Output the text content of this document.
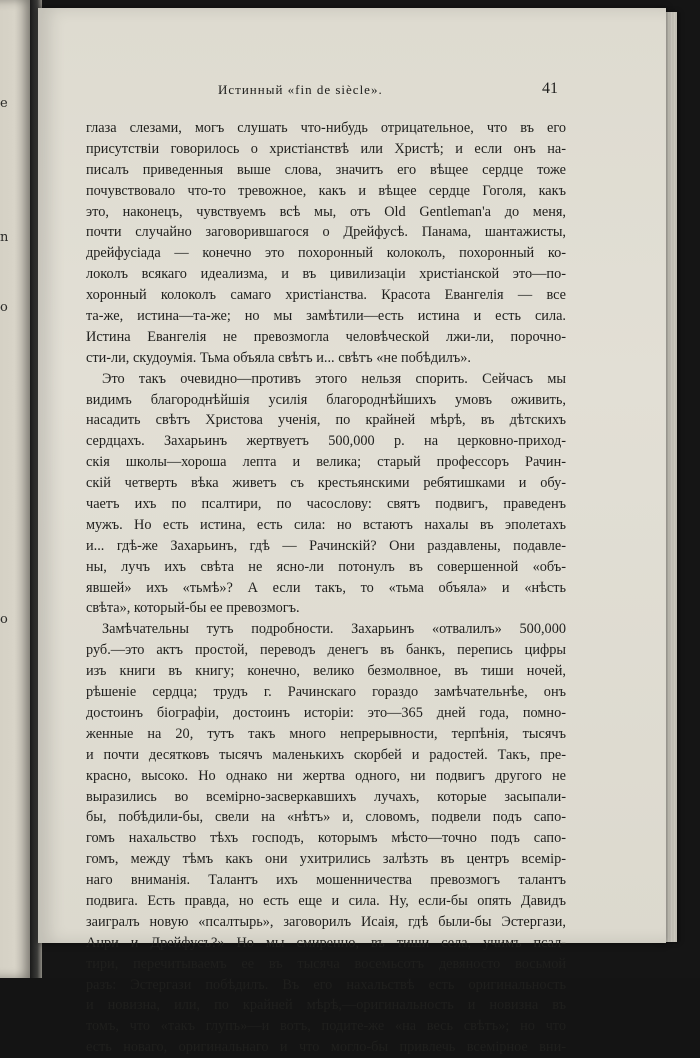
e
n
o
o
Истинный «fin de siècle».	41
глаза слезами, могъ слушать что-нибудь отрицательное, что въ его
присутствіи говорилось о христіанствѣ или Христѣ; и если онъ на-
писалъ приведенныя выше слова, значитъ его вѣщее сердце тоже
почувствовало что-то тревожное, какъ и вѣщее сердце Гоголя, какъ
это, наконецъ, чувствуемъ всѣ мы, отъ Old Gentleman'а до меня,
почти случайно заговорившагося о Дрейфусѣ. Панама, шантажисты,
дрейфусіада — конечно это похоронный колоколъ, похоронный ко-
локолъ всякаго идеализма, и въ цивилизаціи христіанской это—по-
хоронный колоколъ самаго христіанства. Красота Евангелія — все
та-же, истина—та-же; но мы замѣтили—есть истина и есть сила.
Истина Евангелія не превозмогла человѣческой лжи-ли, порочно-
сти-ли, скудоумія. Тьма объяла свѣтъ и... свѣтъ «не побѣдилъ».
Это такъ очевидно—противъ этого нельзя спорить. Сейчасъ мы
видимъ благороднѣйшія усилія благороднѣйшихъ умовъ оживить,
насадить свѣтъ Христова ученія, по крайней мѣрѣ, въ дѣтскихъ
сердцахъ. Захарьинъ жертвуетъ 500,000 р. на церковно-приход-
скія школы—хороша лепта и велика; старый профессоръ Рачин-
скій четверть вѣка живетъ съ крестьянскими ребятишками и обу-
чаетъ ихъ по псалтири, по часослову: святъ подвигъ, праведенъ
мужъ. Но есть истина, есть сила: но встаютъ нахалы въ эполетахъ
и... гдѣ-же Захарьинъ, гдѣ — Рачинскій? Они раздавлены, подавле-
ны, лучъ ихъ свѣта не ясно-ли потонулъ въ совершенной «объ-
явшей» ихъ «тьмѣ»? А если такъ, то «тьма объяла» и «нѣсть
свѣта», который-бы ее превозмогъ.
Замѣчательны тутъ подробности. Захарьинъ «отвалилъ» 500,000
руб.—это актъ простой, переводъ денегъ въ банкъ, перепись цифры
изъ книги въ книгу; конечно, велико безмолвное, въ тиши ночей,
рѣшеніе сердца; трудъ г. Рачинскаго гораздо замѣчательнѣе, онъ
достоинъ біографіи, достоинъ исторіи: это—365 дней года, помно-
женные на 20, тутъ такъ много непрерывности, терпѣнія, тысячъ
и почти десятковъ тысячъ маленькихъ скорбей и радостей. Такъ, пре-
красно, высоко. Но однако ни жертва одного, ни подвигъ другого не
выразились во всемірно-засверкавшихъ лучахъ, которые засыпали-
бы, побѣдили-бы, свели на «нѣтъ» и, словомъ, подвели подъ сапо-
гомъ нахальство тѣхъ господъ, которымъ мѣсто—точно подъ сапо-
гомъ, между тѣмъ какъ они ухитрились залѣзть въ центръ всемір-
наго вниманія. Талантъ ихъ мошенничества превозмогъ талантъ
подвига. Есть правда, но есть еще и сила. Ну, если-бы опять Давидъ
заигралъ новую «псалтырь», заговорилъ Исаія, гдѣ были-бы Эстергази,
Анри и Дрейфусъ?» Но мы смиренно, въ тиши села, учимъ псал-
тири, перечитываемъ ее въ тысяча восемьсотъ девяносто восьмой
разъ: Эстергази побѣдилъ. Въ его нахальствѣ есть оригинальность
и новизна, или, по крайней мѣрѣ,—оригинальность и новизна въ
томъ, что «такъ глупъ»—и вотъ, подите-же «на весь свѣтъ»; но что
есть новаго, оригинальнаго и что могло-бы привлечь всемірное вни-
